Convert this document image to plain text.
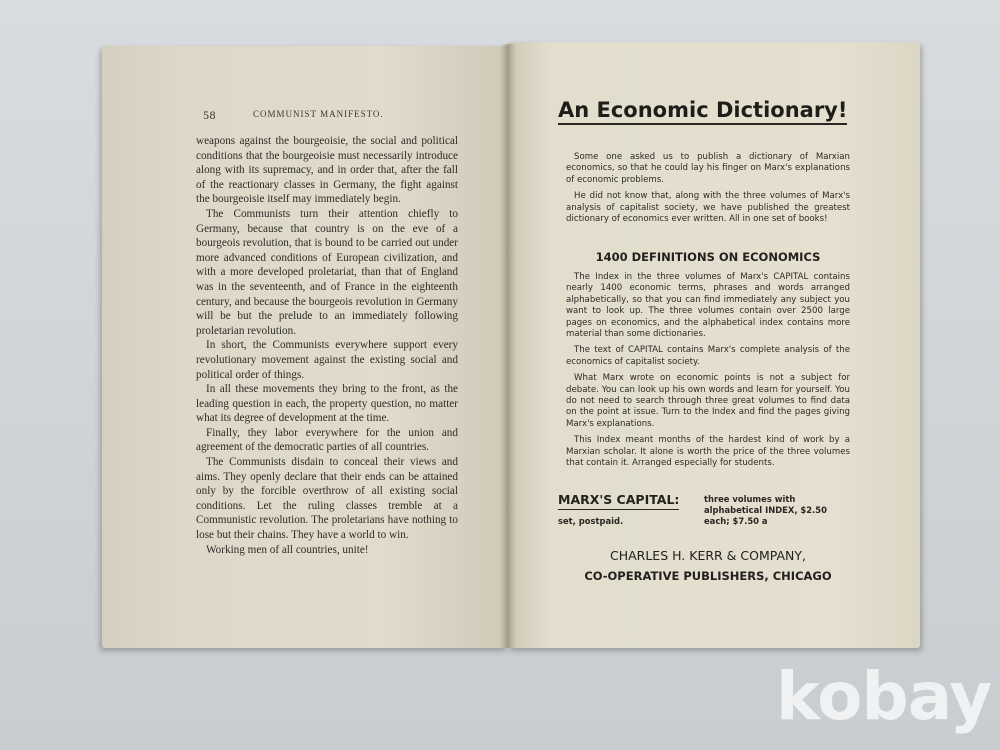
58	COMMUNIST MANIFESTO.

weapons against the bourgeoisie, the social and political conditions that the bourgeoisie must necessarily introduce along with its supremacy, and in order that, after the fall of the reactionary classes in Germany, the fight against the bourgeoisie itself may immediately begin.

The Communists turn their attention chiefly to Germany, because that country is on the eve of a bourgeois revolution, that is bound to be carried out under more advanced conditions of European civilization, and with a more developed proletariat, than that of England was in the seventeenth, and of France in the eighteenth century, and because the bourgeois revolution in Germany will be but the prelude to an immediately following proletarian revolution.

In short, the Communists everywhere support every revolutionary movement against the existing social and political order of things.

In all these movements they bring to the front, as the leading question in each, the property question, no matter what its degree of development at the time.

Finally, they labor everywhere for the union and agreement of the democratic parties of all countries.

The Communists disdain to conceal their views and aims. They openly declare that their ends can be attained only by the forcible overthrow of all existing social conditions. Let the ruling classes tremble at a Communistic revolution. The proletarians have nothing to lose but their chains. They have a world to win.

Working men of all countries, unite!

An Economic Dictionary!

Some one asked us to publish a dictionary of Marxian economics, so that he could lay his finger on Marx's explanations of economic problems.

He did not know that, along with the three volumes of Marx's analysis of capitalist society, we have published the greatest dictionary of economics ever written. All in one set of books!

1400 DEFINITIONS ON ECONOMICS

The Index in the three volumes of Marx's CAPITAL contains nearly 1400 economic terms, phrases and words arranged alphabetically, so that you can find immediately any subject you want to look up. The three volumes contain over 2500 large pages on economics, and the alphabetical index contains more material than some dictionaries.

The text of CAPITAL contains Marx's complete analysis of the economics of capitalist society.

What Marx wrote on economic points is not a subject for debate. You can look up his own words and learn for yourself. You do not need to search through three great volumes to find data on the point at issue. Turn to the Index and find the pages giving Marx's explanations.

This Index meant months of the hardest kind of work by a Marxian scholar. It alone is worth the price of the three volumes that contain it. Arranged especially for students.

MARX'S CAPITAL:	three volumes with alphabetical INDEX, $2.50 each; $7.50 a
set, postpaid.
CHARLES H. KERR & COMPANY,
CO-OPERATIVE PUBLISHERS, CHICAGO
kobay
